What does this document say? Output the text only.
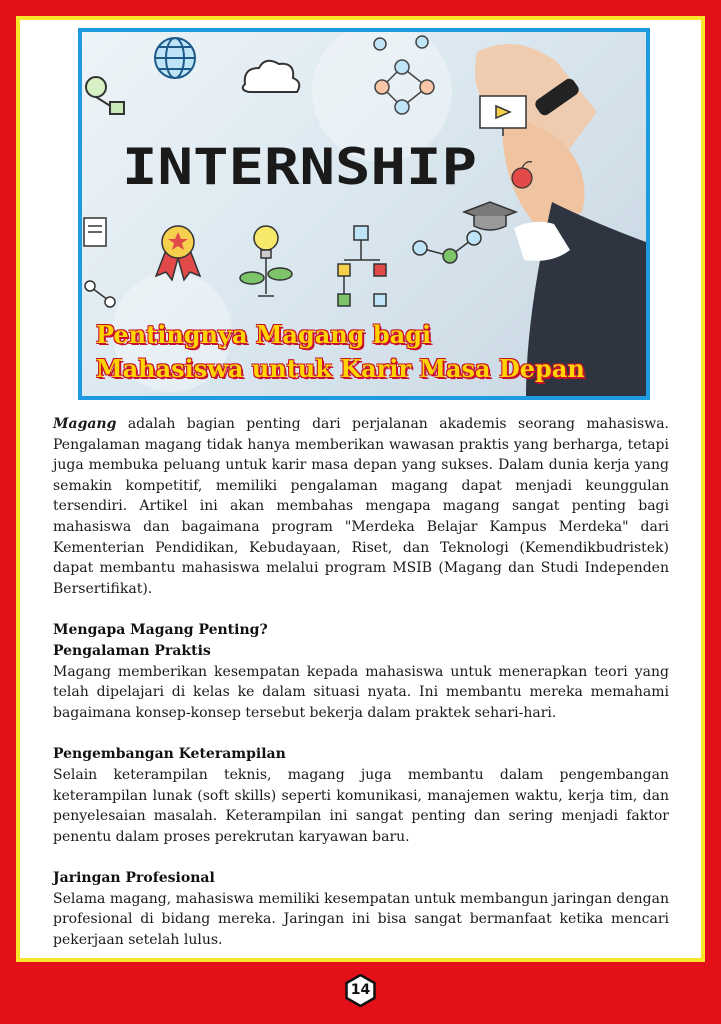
INTERNSHIP
Pentingnya Magang bagi
Mahasiswa untuk Karir Masa Depan

Magang adalah bagian penting dari perjalanan akademis seorang mahasiswa. Pengalaman magang tidak hanya memberikan wawasan praktis yang berharga, tetapi juga membuka peluang untuk karir masa depan yang sukses. Dalam dunia kerja yang semakin kompetitif, memiliki pengalaman magang dapat menjadi keunggulan tersendiri. Artikel ini akan membahas mengapa magang sangat penting bagi mahasiswa dan bagaimana program "Merdeka Belajar Kampus Merdeka" dari Kementerian Pendidikan, Kebudayaan, Riset, dan Teknologi (Kemendikbudristek) dapat membantu mahasiswa melalui program MSIB (Magang dan Studi Independen Bersertifikat).

Mengapa Magang Penting?
Pengalaman Praktis

Magang memberikan kesempatan kepada mahasiswa untuk menerapkan teori yang telah dipelajari di kelas ke dalam situasi nyata. Ini membantu mereka memahami bagaimana konsep-konsep tersebut bekerja dalam praktek sehari-hari.

Pengembangan Keterampilan

Selain keterampilan teknis, magang juga membantu dalam pengembangan keterampilan lunak (soft skills) seperti komunikasi, manajemen waktu, kerja tim, dan penyelesaian masalah. Keterampilan ini sangat penting dan sering menjadi faktor penentu dalam proses perekrutan karyawan baru.

Jaringan Profesional

Selama magang, mahasiswa memiliki kesempatan untuk membangun jaringan dengan profesional di bidang mereka. Jaringan ini bisa sangat bermanfaat ketika mencari pekerjaan setelah lulus.

14
